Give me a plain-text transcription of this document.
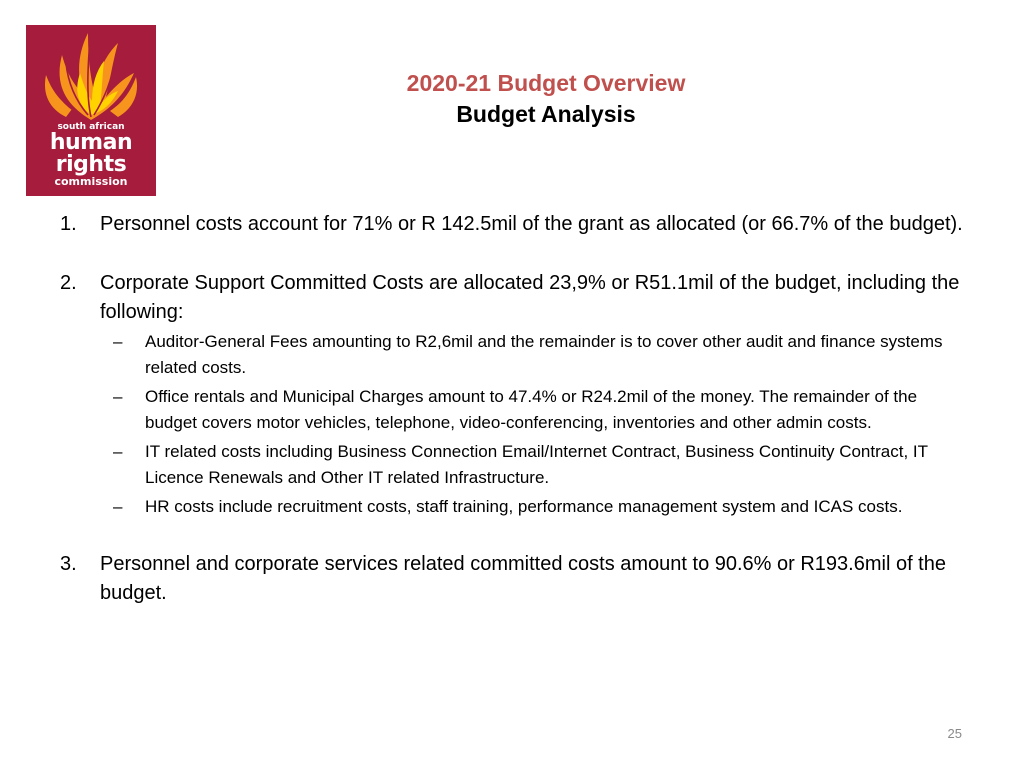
south african
human
rights
commission
2020-21 Budget Overview
Budget Analysis
1. Personnel costs account for 71% or R 142.5mil of the grant as allocated (or 66.7% of the budget).
2. Corporate Support Committed Costs are allocated 23,9% or R51.1mil of the budget, including the following:
– Auditor-General Fees amounting to R2,6mil and the remainder is to cover other audit and finance systems related costs.
– Office rentals and Municipal Charges amount to 47.4% or R24.2mil of the money. The remainder of the budget covers motor vehicles, telephone, video-conferencing, inventories and other admin costs.
– IT related costs including Business Connection Email/Internet Contract, Business Continuity Contract, IT Licence Renewals and Other IT related Infrastructure.
– HR costs include recruitment costs, staff training, performance management system and ICAS costs.
3. Personnel and corporate services related committed costs amount to 90.6% or R193.6mil of the budget.
25
